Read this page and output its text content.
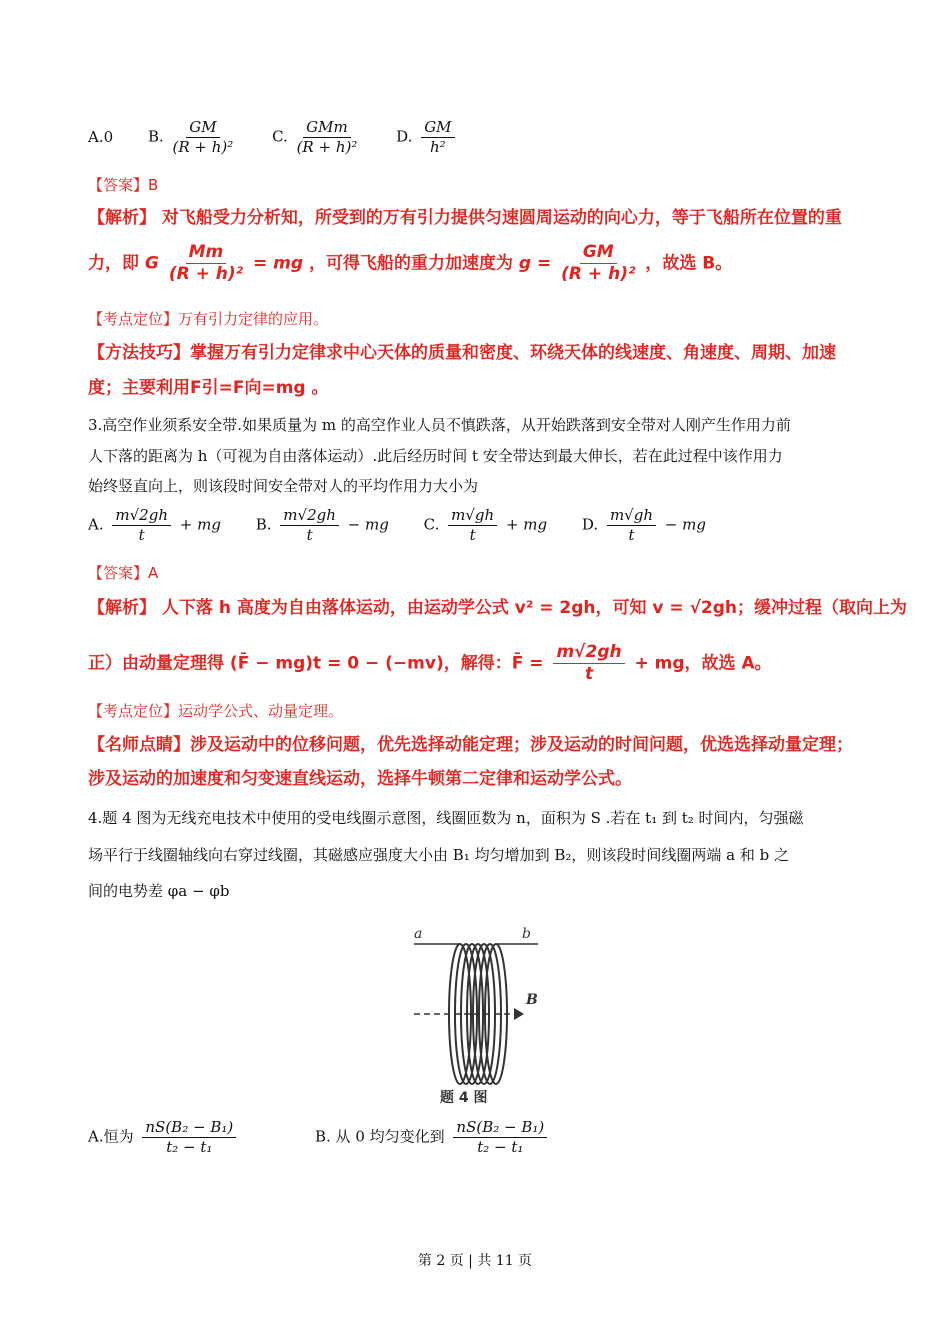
A.0 B. $\frac{GM}{\text{(R + h)²}}$	C. $\frac{\text{GMm}}{\text{(R + h)²}}$	D. $\frac{GM}{\text{h²}}$
【答案】B
【解析】 对飞船受力分析知，所受到的万有引力提供匀速圆周运动的向心力，等于飞船所在位置的重
力，即 G $\frac{Mm}{\text{(R + h)²}}$ = mg ，可得飞船的重力加速度为 $g = \frac{GM}{\text{(R + h)²}}$ ，故选 B。
【考点定位】万有引力定律的应用。
【方法技巧】掌握万有引力定律求中心天体的质量和密度、环绕天体的线速度、角速度、周期、加速
度；主要利用F引=F向=mg 。
3.高空作业须系安全带.如果质量为 m 的高空作业人员不慎跌落，从开始跌落到安全带对人刚产生作用力前
人下落的距离为 h（可视为自由落体运动）.此后经历时间 t 安全带达到最大伸长，若在此过程中该作用力
始终竖直向上，则该段时间安全带对人的平均作用力大小为
A. $\frac{m√2gh}{t}$ + mg B. $\frac{m√2gh}{t}$ − mg C. $\frac{m√gh}{t}$ + mg D. $\frac{m√gh}{t}$ − mg
【答案】A
【解析】 人下落 h 高度为自由落体运动，由运动学公式 v² = 2gh，可知 v = √2gh；缓冲过程（取向上为
正）由动量定理得 (F̄ − mg)t = 0 − (−mv)，解得：F̄ = $\frac{m√2gh}{t}$ + mg，故选 A。
【考点定位】运动学公式、动量定理。
【名师点睛】涉及运动中的位移问题，优先选择动能定理；涉及运动的时间问题，优选选择动量定理；
涉及运动的加速度和匀变速直线运动，选择牛顿第二定律和运动学公式。
4.题 4 图为无线充电技术中使用的受电线圈示意图，线圈匝数为 n，面积为 S .若在 t₁ 到 t₂ 时间内，匀强磁
场平行于线圈轴线向右穿过线圈，其磁感应强度大小由 B₁ 均匀增加到 B₂，则该段时间线圈两端 a 和 b 之
间的电势差 φa − φb
a	b
B
题 4 图
A.恒为 $\frac{\text{nS(B₂ − B₁)}}{\text{t₂ − t₁}}$	B. 从 0 均匀变化到 $\frac{\text{nS(B₂ − B₁)}}{\text{t₂ − t₁}}$
第 2 页 | 共 11 页
